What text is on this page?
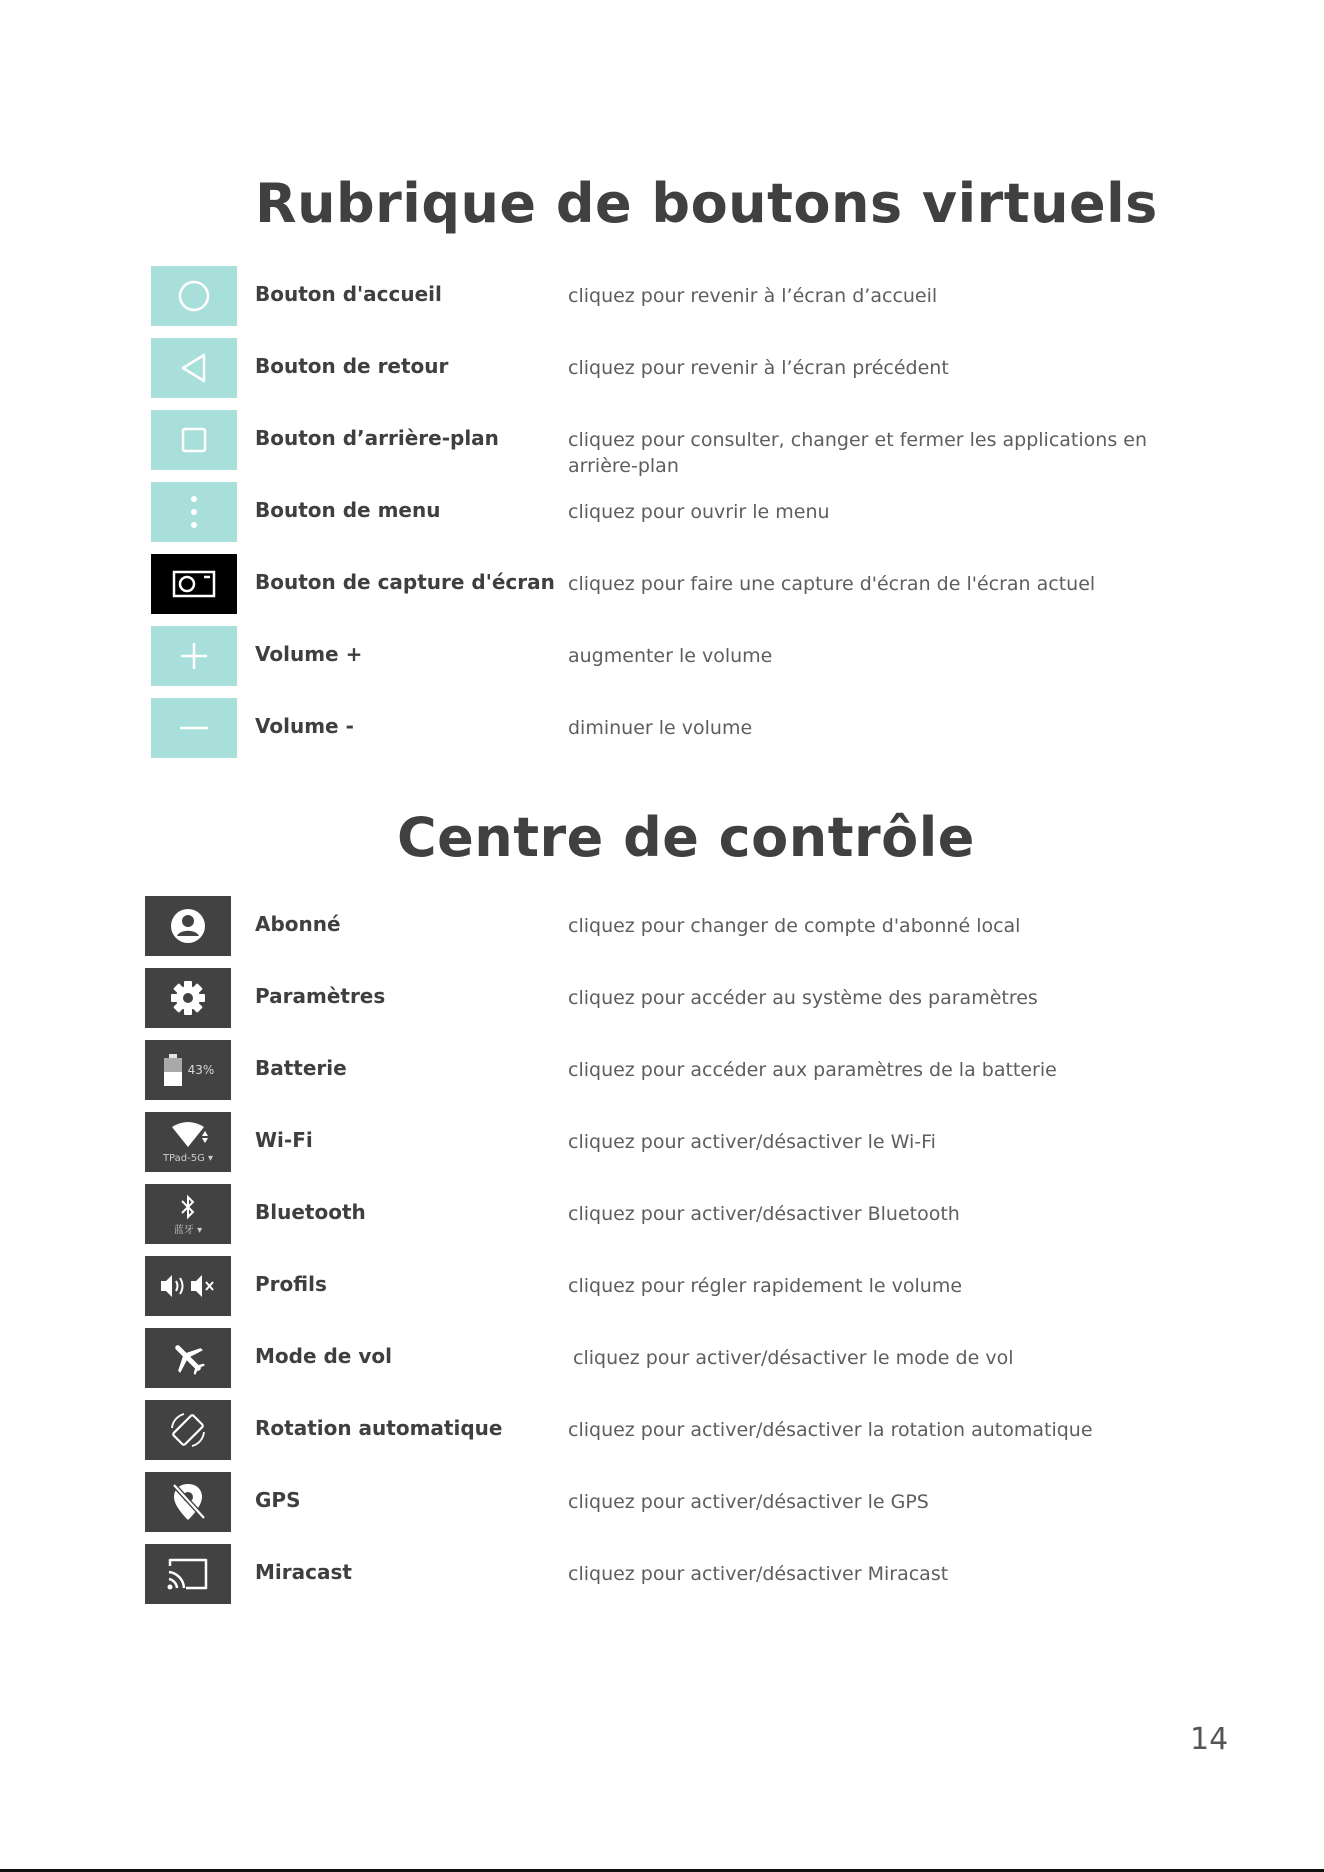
Rubrique de boutons virtuels
Bouton d'accueil	cliquez pour revenir à l’écran d’accueil
Bouton de retour	cliquez pour revenir à l’écran précédent
Bouton d’arrière-plan	cliquez pour consulter, changer et fermer les applications en arrière-plan
Bouton de menu	cliquez pour ouvrir le menu
Bouton de capture d'écran cliquez pour faire une capture d'écran de l'écran actuel
Volume +	augmenter le volume
Volume -	diminuer le volume
Centre de contrôle
Abonné	cliquez pour changer de compte d'abonné local
Paramètres	cliquez pour accéder au système des paramètres
43% Batterie	cliquez pour accéder aux paramètres de la batterie
TPad-5G ▾
Wi-Fi	cliquez pour activer/désactiver le Wi-Fi
蓝牙 ▾
Bluetooth	cliquez pour activer/désactiver Bluetooth
Profils	cliquez pour régler rapidement le volume
Mode de vol	cliquez pour activer/désactiver le mode de vol
Rotation automatique	cliquez pour activer/désactiver la rotation automatique
GPS	cliquez pour activer/désactiver le GPS
Miracast	cliquez pour activer/désactiver Miracast
14
